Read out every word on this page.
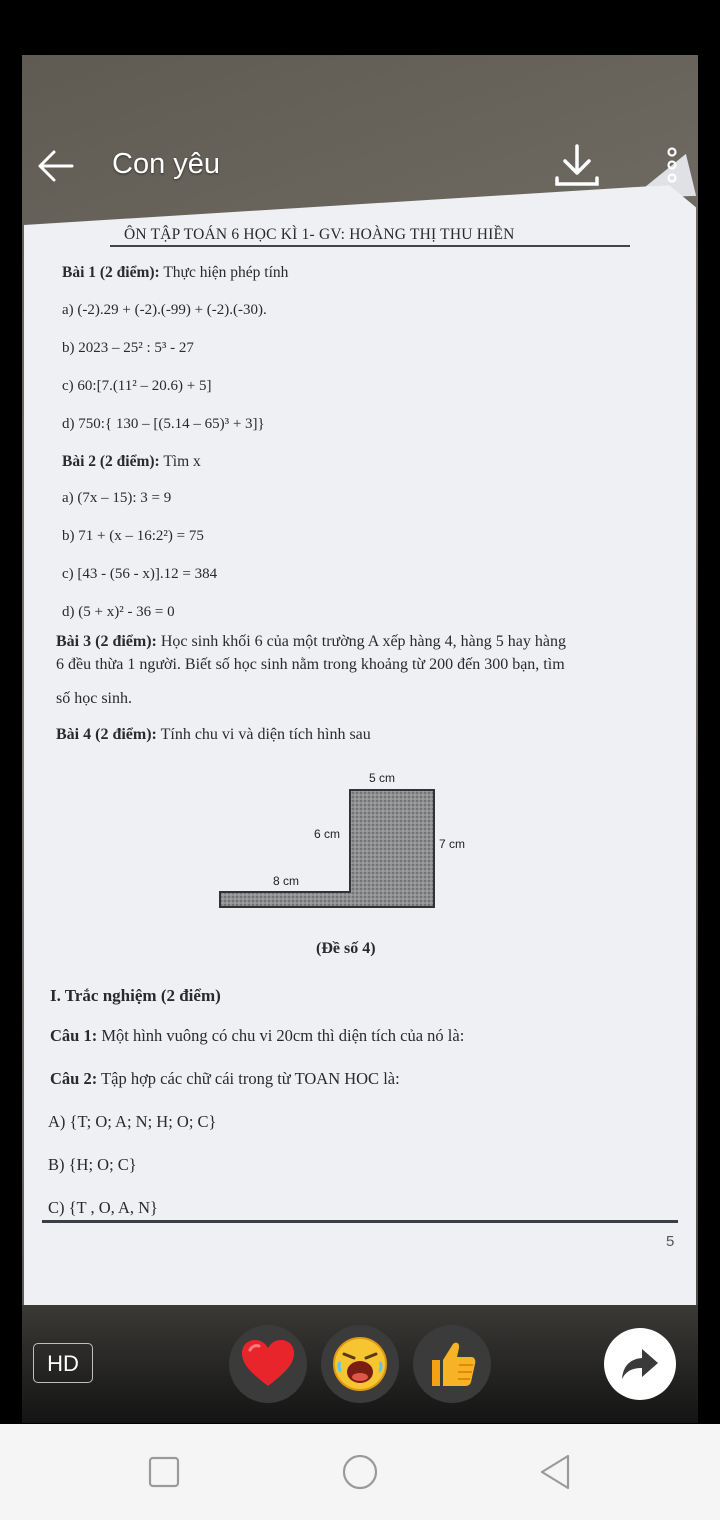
ÔN TẬP TOÁN 6 HỌC KÌ 1- GV: HOÀNG THỊ THU HIỀN
Bài 1 (2 điểm): Thực hiện phép tính
a) (-2).29 + (-2).(-99) + (-2).(-30).
b) 2023 – 25² : 5³ - 27
c) 60:[7.(11² – 20.6) + 5]
d) 750:{ 130 – [(5.14 – 65)³ + 3]}
Bài 2 (2 điểm): Tìm x
a) (7x – 15): 3 = 9
b) 71 + (x – 16:2²) = 75
c) [43 - (56 - x)].12 = 384
d) (5 + x)² - 36 = 0
Bài 3 (2 điểm): Học sinh khối 6 của một trường A xếp hàng 4, hàng 5 hay hàng
6 đều thừa 1 người. Biết số học sinh nằm trong khoảng từ 200 đến 300 bạn, tìm
số học sinh.
Bài 4 (2 điểm): Tính chu vi và diện tích hình sau
5 cm
6 cm
7 cm
8 cm
(Đề số 4)
I. Trắc nghiệm (2 điểm)
Câu 1: Một hình vuông có chu vi 20cm thì diện tích của nó là:
Câu 2: Tập hợp các chữ cái trong từ TOAN HOC là:
A) {T; O; A; N; H; O; C}
B) {H; O; C}
C) {T , O, A, N}
5
Con yêu
HD
